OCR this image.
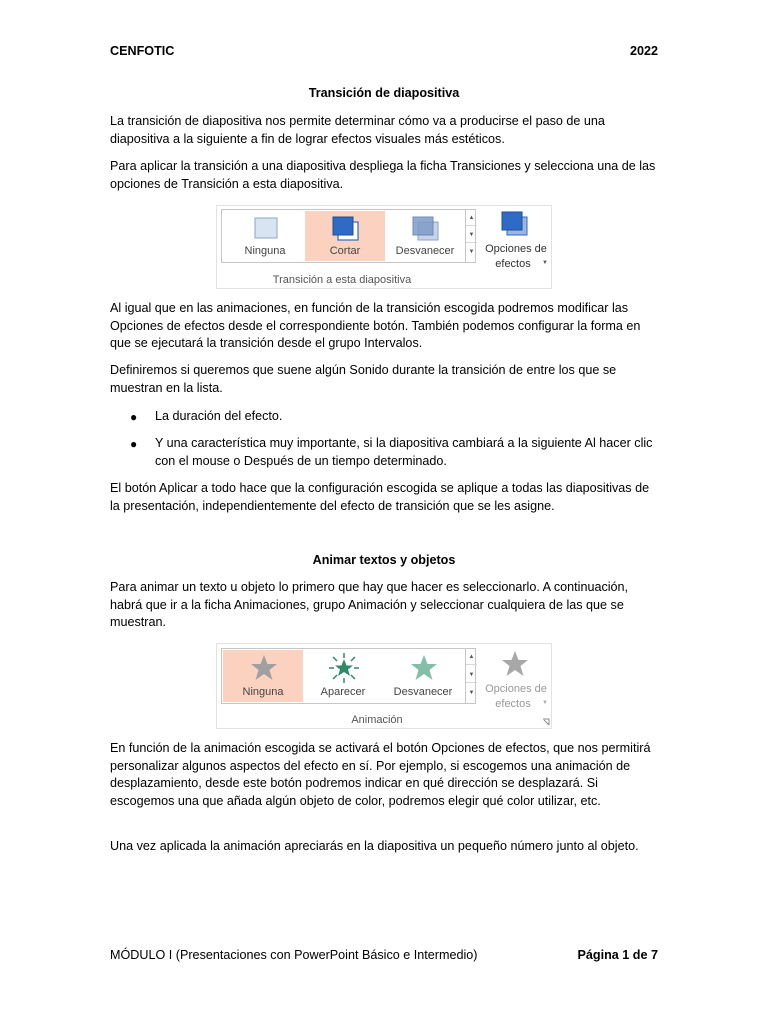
CENFOTIC	2022
Transición de diapositiva
La transición de diapositiva nos permite determinar cómo va a producirse el paso de una diapositiva a la siguiente a fin de lograr efectos visuales más estéticos.
Para aplicar la transición a una diapositiva despliega la ficha Transiciones y selecciona una de las opciones de Transición a esta diapositiva.
Ninguna	Cortar	Desvanecer
▲
▼
▼ Opciones de
efectos	▼
Transición a esta diapositiva
Al igual que en las animaciones, en función de la transición escogida podremos modificar las Opciones de efectos desde el correspondiente botón. También podemos configurar la forma en que se ejecutará la transición desde el grupo Intervalos.
Definiremos si queremos que suene algún Sonido durante la transición de entre los que se muestran en la lista.
● La duración del efecto.
● Y una característica muy importante, si la diapositiva cambiará a la siguiente Al hacer clic con el mouse o Después de un tiempo determinado.
El botón Aplicar a todo hace que la configuración escogida se aplique a todas las diapositivas de la presentación, independientemente del efecto de transición que se les asigne.
Animar textos y objetos
Para animar un texto u objeto lo primero que hay que hacer es seleccionarlo. A continuación, habrá que ir a la ficha Animaciones, grupo Animación y seleccionar cualquiera de las que se muestran.
Ninguna	Aparecer	Desvanecer
▲
▼
▼ Opciones de
efectos	▼
Animación
En función de la animación escogida se activará el botón Opciones de efectos, que nos permitirá personalizar algunos aspectos del efecto en sí. Por ejemplo, si escogemos una animación de desplazamiento, desde este botón podremos indicar en qué dirección se desplazará. Si escogemos una que añada algún objeto de color, podremos elegir qué color utilizar, etc.
Una vez aplicada la animación apreciarás en la diapositiva un pequeño número junto al objeto.
MÓDULO I (Presentaciones con PowerPoint Básico e Intermedio)	Página 1 de 7
